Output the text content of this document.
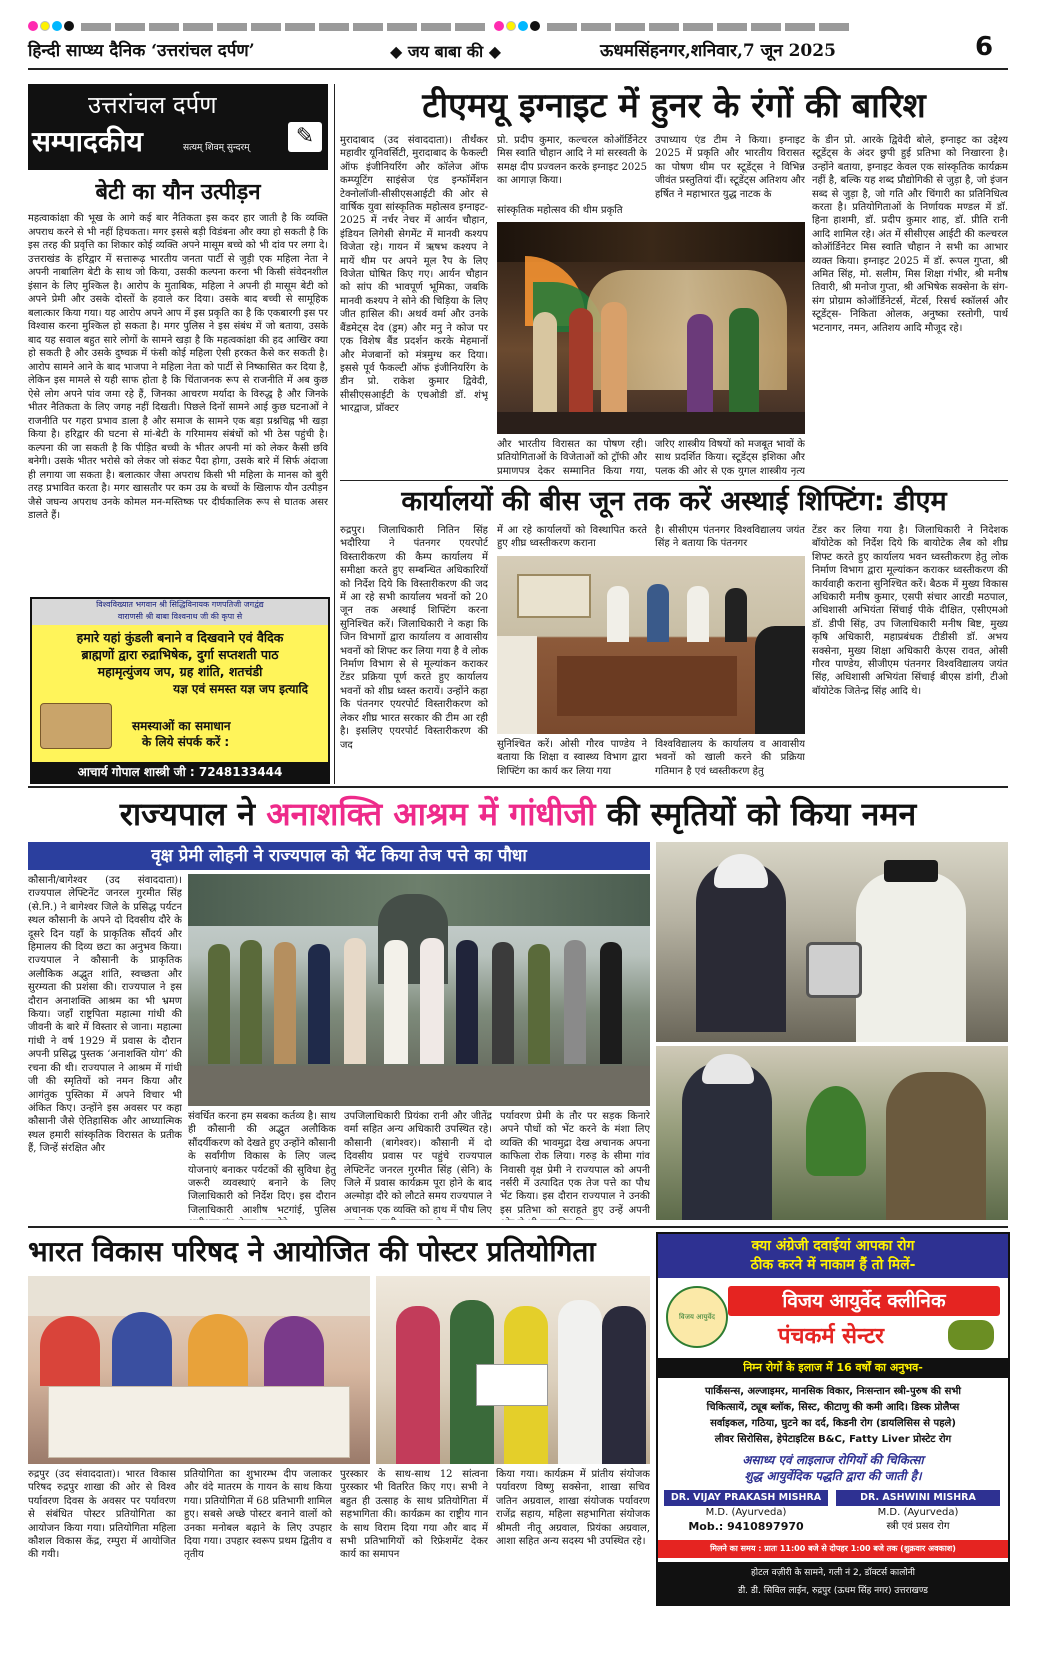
हिन्दी साप्ध्य दैनिक ‘उत्तरांचल दर्पण’	◆ जय बाबा की ◆	ऊधमसिंहनगर,शनिवार,7 जून 2025	6
उत्तरांचल दर्पण
सम्पादकीय	सत्यम् शिवम् सुन्दरम्	✎
बेटी का यौन उत्पीड़न
महत्वाकांक्षा की भूख के आगे कई बार नैतिकता इस कदर हार जाती है कि व्यक्ति अपराध करने से भी नहीं हिचकता। मगर इससे बड़ी विडंबना और क्या हो सकती है कि इस तरह की प्रवृत्ति का शिकार कोई व्यक्ति अपने मासूम बच्चे को भी दांव पर लगा दे। उत्तराखंड के हरिद्वार में सत्तारूढ़ भारतीय जनता पार्टी से जुड़ी एक महिला नेता ने अपनी नाबालिग बेटी के साथ जो किया, उसकी कल्पना करना भी किसी संवेदनशील इंसान के लिए मुश्किल है। आरोप के मुताबिक, महिला ने अपनी ही मासूम बेटी को अपने प्रेमी और उसके दोस्तों के हवाले कर दिया। उसके बाद बच्ची से सामूहिक बलात्कार किया गया। यह आरोप अपने आप में इस प्रकृति का है कि एकबारगी इस पर विश्वास करना मुश्किल हो सकता है। मगर पुलिस ने इस संबंध में जो बताया, उसके बाद यह सवाल बहुत सारे लोगों के सामने खड़ा है कि महत्वकांक्षा की हद आखिर क्या हो सकती है और उसके दुष्चक्र में फंसी कोई महिला ऐसी हरकत कैसे कर सकती है। आरोप सामने आने के बाद भाजपा ने महिला नेता को पार्टी से निष्कासित कर दिया है, लेकिन इस मामले से यही साफ होता है कि चिंताजनक रूप से राजनीति में अब कुछ ऐसे लोग अपने पांव जमा रहे हैं, जिनका आचरण मर्यादा के विरुद्ध है और जिनके भीतर नैतिकता के लिए जगह नहीं दिखती। पिछले दिनों सामने आई कुछ घटनाओं ने राजनीति पर गहरा प्रभाव डाला है और समाज के सामने एक बड़ा प्रश्नचिह्न भी खड़ा किया है। हरिद्वार की घटना से मां-बेटी के गरिमामय संबंधों को भी ठेस पहुंची है। कल्पना की जा सकती है कि पीड़ित बच्ची के भीतर अपनी मां को लेकर कैसी छवि बनेगी। उसके भीतर भरोसे को लेकर जो संकट पैदा होगा, उसके बारे में सिर्फ अंदाजा ही लगाया जा सकता है। बलात्कार जैसा अपराध किसी भी महिला के मानस को बुरी तरह प्रभावित करता है। मगर खासतौर पर कम उम्र के बच्चों के खिलाफ यौन उत्पीड़न जैसे जघन्य अपराध उनके कोमल मन-मस्तिष्क पर दीर्घकालिक रूप से घातक असर डालते हैं।
विश्वविख्यात भगवान श्री सिद्धिविनायक गणपतिजी जगद्वंद्य
वाराणसी श्री बाबा विश्वनाथ जी की कृपा से
हमारे यहां कुंडली बनाने व दिखवाने एवं वैदिक
ब्राह्मणों द्वारा रुद्राभिषेक, दुर्गा सप्तशती पाठ
महामृत्युंजय जप, ग्रह शांति, शतचंडी
यज्ञ एवं समस्त यज्ञ जप इत्यादि
समस्याओं का समाधान
के लिये संपर्क करें :
आचार्य गोपाल शास्त्री जी : 7248133444
टीएमयू इग्नाइट में हुनर के रंगों की बारिश
मुरादाबाद (उद संवाददाता)। तीर्थंकर महावीर यूनिवर्सिटी, मुरादाबाद के फैकल्टी ऑफ इंजीनियरिंग और कॉलेज ऑफ कम्प्यूटिंग साइंसेज एंड इन्फॉर्मेशन टेक्नोलॉजी-सीसीएसआईटी की ओर से वार्षिक युवा सांस्कृतिक महोत्सव इग्नाइट- 2025 में नर्चर नेचर में आर्यन चौहान, इंडियन लिगेसी सेगमेंट में मानवी कश्यप विजेता रहे। गायन में ऋषभ कश्यप ने मायें थीम पर अपने मूल रैप के लिए विजेता घोषित किए गए। आर्यन चौहान को सांप की भावपूर्ण भूमिका, जबकि मानवी कश्यप ने सोने की चिड़िया के लिए जीत हासिल की। अथर्व वर्मा और उनके बैंडमेट्स देव (ड्रम) और मनु ने कोज पर एक विशेष बैंड प्रदर्शन करके मेहमानों और मेजबानों को मंत्रमुग्ध कर दिया। इससे पूर्व फैकल्टी ऑफ इंजीनियरिंग के डीन प्रो. राकेश कुमार द्विवेदी, सीसीएसआईटी के एचओडी डॉ. शंभू भारद्वाज, प्रॉक्टर
प्रो. प्रदीप कुमार, कल्चरल कोऑर्डिनेटर मिस स्वाति चौहान आदि ने मां सरस्वती के समक्ष दीप प्रज्वलन करके इग्नाइट 2025 का आगाज़ किया।
सांस्कृतिक महोत्सव की थीम प्रकृति
उपाध्याय एंड टीम ने किया। इग्नाइट 2025 में प्रकृति और भारतीय विरासत का पोषण थीम पर स्टूडेंट्स ने विभिन्न जीवंत प्रस्तुतियां दीं। स्टूडेंट्स अतिशय और हर्षित ने महाभारत युद्ध नाटक के
के डीन प्रो. आरके द्विवेदी बोले, इग्नाइट का उद्देश्य स्टूडेंट्स के अंदर छुपी हुई प्रतिभा को निखारना है। उन्होंने बताया, इग्नाइट केवल एक सांस्कृतिक कार्यक्रम नहीं है, बल्कि यह शब्द प्रौद्योगिकी से जुड़ा है, जो इंजन सब्द से जुड़ा है, जो गति और चिंगारी का प्रतिनिधित्व करता है। प्रतियोगिताओं के निर्णायक मण्डल में डॉ. हिना हाशमी, डॉ. प्रदीप कुमार शाह, डॉ. प्रीति रानी आदि शामिल रहे। अंत में सीसीएस आईटी की कल्चरल कोऑर्डिनेटर मिस स्वाति चौहान ने सभी का आभार व्यक्त किया। इग्नाइट 2025 में डॉ. रूपल गुप्ता, श्री अमित सिंह, मो. सलीम, मिस शिक्षा गंभीर, श्री मनीष तिवारी, श्री मनोज गुप्ता, श्री अभिषेक सक्सेना के संग-संग प्रोग्राम कोऑर्डिनेटर्स, मेंटर्स, रिसर्च स्कॉलर्स और स्टूडेंट्स- निकिता ओलक, अनुष्का रस्तोगी, पार्थ भटनागर, नमन, अतिशय आदि मौजूद रहे।
और भारतीय विरासत का पोषण रही। प्रतियोगिताओं के विजेताओं को ट्रॉफी और प्रमाणपत्र देकर सम्मानित किया गया,
जरिए शास्त्रीय विषयों को मजबूत भावों के साथ प्रदर्शित किया। स्टूडेंट्स इशिका और पलक की ओर से एक युगल शास्त्रीय नृत्य
कार्यालयों की बीस जून तक करें अस्थाई शिफ्टिंग: डीएम
रुद्रपुर। जिलाधिकारी नितिन सिंह भदौरिया ने पंतनगर एयरपोर्ट विस्तारीकरण की कैम्प कार्यालय में समीक्षा करते हुए सम्बन्धित अधिकारियों को निर्देश दिये कि विस्तारीकरण की जद में आ रहे सभी कार्यालय भवनों को 20 जून तक अस्थाई शिफ्टिंग करना सुनिश्चित करें। जिलाधिकारी ने कहा कि जिन विभागों द्वारा कार्यालय व आवासीय भवनों को शिफ्ट कर लिया गया है वे लोक निर्माण विभाग से से मूल्यांकन कराकर टेंडर प्रक्रिया पूर्ण करते हुए कार्यालय भवनों को शीघ्र ध्वस्त करायें। उन्होंने कहा कि पंतनगर एयरपोर्ट विस्तारीकरण को लेकर शीघ्र भारत सरकार की टीम आ रही है। इसलिए एयरपोर्ट विस्तारीकरण की जद
में आ रहे कार्यालयों को विस्थापित करते हुए शीघ्र ध्वस्तीकरण कराना
है। सीसीएम पंतनगर विश्वविद्यालय जयंत सिंह ने बताया कि पंतनगर
टेंडर कर लिया गया है। जिलाधिकारी ने निदेशक बॉयोटेक को निर्देश दिये कि बायोटेक लैब को शीघ्र शिफ्ट करते हुए कार्यालय भवन ध्वस्तीकरण हेतु लोक निर्माण विभाग द्वारा मूल्यांकन कराकर ध्वस्तीकरण की कार्यवाही कराना सुनिश्चित करें। बैठक में मुख्य विकास अधिकारी मनीष कुमार, एसपी संचार आरडी मठपाल, अधिशासी अभियंता सिंचाई पीके दीक्षित, एसीएमओ डॉ. डीपी सिंह, उप जिलाधिकारी मनीष बिष्ट, मुख्य कृषि अधिकारी, महाप्रबंधक टीडीसी डॉ. अभय सक्सेना, मुख्य शिक्षा अधिकारी केएस रावत, ओसी गौरव पाण्डेय, सीजीएम पंतनगर विश्वविद्यालय जयंत सिंह, अधिशासी अभियंता सिंचाई बीएस डांगी, टीओ बॉयोटेक जितेन्द्र सिंह आदि थे।
सुनिश्चित करें। ओसी गौरव पाण्डेय ने बताया कि शिक्षा व स्वास्थ्य विभाग द्वारा शिफ्टिंग का कार्य कर लिया गया
विश्वविद्यालय के कार्यालय व आवासीय भवनों को खाली करने की प्रक्रिया गतिमान है एवं ध्वस्तीकरण हेतु
राज्यपाल ने अनाशक्ति आश्रम में गांधीजी की स्मृतियों को किया नमन
वृक्ष प्रेमी लोहनी ने राज्यपाल को भेंट किया तेज पत्ते का पौधा
कौसानी/बागेश्वर (उद संवाददाता)। राज्यपाल लेफ्टिनेंट जनरल गुरमीत सिंह (से.नि.) ने बागेश्वर जिले के प्रसिद्ध पर्यटन स्थल कौसानी के अपने दो दिवसीय दौरे के दूसरे दिन यहाँ के प्राकृतिक सौंदर्य और हिमालय की दिव्य छटा का अनुभव किया। राज्यपाल ने कौसानी के प्राकृतिक अलौकिक अद्भुत शांति, स्वच्छता और सुरम्यता की प्रशंसा की। राज्यपाल ने इस दौरान अनाशक्ति आश्रम का भी भ्रमण किया। जहाँ राष्ट्रपिता महात्मा गांधी की जीवनी के बारे में विस्तार से जाना। महात्मा गांधी ने वर्ष 1929 में प्रवास के दौरान अपनी प्रसिद्ध पुस्तक ‘अनाशक्ति योग’ की रचना की थी। राज्यपाल ने आश्रम में गांधी जी की स्मृतियों को नमन किया और आगंतुक पुस्तिका में अपने विचार भी अंकित किए। उन्होंने इस अवसर पर कहा कौसानी जैसे ऐतिहासिक और आध्यात्मिक स्थल हमारी सांस्कृतिक विरासत के प्रतीक हैं, जिन्हें संरक्षित और
संवर्धित करना हम सबका कर्तव्य है। साथ ही कौसानी की अद्भुत अलौकिक सौंदर्यीकरण को देखते हुए उन्होंने कौसानी के सर्वांगीण विकास के लिए जल्द योजनाएं बनाकर पर्यटकों की सुविधा हेतु जरूरी व्यवस्थाएं बनाने के लिए जिलाधिकारी को निर्देश दिए। इस दौरान जिलाधिकारी आशीष भटगांई, पुलिस
उपजिलाधिकारी प्रियंका रानी और जीतेंद्र वर्मा सहित अन्य अधिकारी उपस्थित रहे। कौसानी (बागेश्वर)। कौसानी में दो दिवसीय प्रवास पर पहुंचे राज्यपाल लेफ्टिनेंट जनरल गुरमीत सिंह (सेनि) के जिले में प्रवास कार्यक्रम पूरा होने के बाद अल्मोड़ा दौरे को लौटते समय राज्यपाल ने अचानक एक व्यक्ति को हाथ में पौध लिए
पर्यावरण प्रेमी के तौर पर सड़क किनारे अपने पौधों को भेंट करने के मंशा लिए व्यक्ति की भावमुद्रा देख अचानक अपना काफिला रोक लिया। गरुड़ के सीमा गांव निवासी वृक्ष प्रेमी ने राज्यपाल को अपनी नर्सरी में उत्पादित एक तेज पत्ते का पौध भेंट किया। इस दौरान राज्यपाल ने उनकी इस प्रतिभा को सराहते हुए उन्हें अपनी
भारत विकास परिषद ने आयोजित की पोस्टर प्रतियोगिता
रुद्रपुर (उद संवाददाता)। भारत विकास परिषद रुद्रपुर शाखा की ओर से विश्व पर्यावरण दिवस के अवसर पर पर्यावरण से संबंधित पोस्टर प्रतियोगिता का आयोजन किया गया। प्रतियोगिता महिला कौशल विकास केंद्र, रम्पुरा में आयोजित की गयी।
प्रतियोगिता का शुभारम्भ दीप जलाकर और वंदे मातरम के गायन के साथ किया गया। प्रतियोगिता में 68 प्रतिभागी शामिल हुए। सबसे अच्छे पोस्टर बनाने वालों को उनका मनोबल बढ़ाने के लिए उपहार दिया गया। उपहार स्वरूप प्रथम द्वितीय व तृतीय
पुरस्कार के साथ-साथ 12 सांत्वना पुरस्कार भी वितरित किए गए। सभी ने बहुत ही उत्साह के साथ प्रतियोगिता में सहभागिता की। कार्यक्रम का राष्ट्रीय गान के साथ विराम दिया गया और बाद में सभी प्रतिभागियों को रिफ्रेशमेंट देकर कार्य का समापन
किया गया। कार्यक्रम में प्रांतीय संयोजक पर्यावरण विष्णु सक्सेना, शाखा सचिव जतिन अग्रवाल, शाखा संयोजक पर्यावरण राजेंद्र सहाय, महिला सहभागिता संयोजक श्रीमती नीतू अग्रवाल, प्रियंका अग्रवाल, आशा सहित अन्य सदस्य भी उपस्थित रहे।
क्या अंग्रेजी दवाईयां आपका रोग
ठीक करने में नाकाम हैं तो मिलें-
विजय आयुर्वेद
विजय आयुर्वेद क्लीनिक
पंचकर्म सेन्टर
निम्न रोगों के इलाज में 16 वर्षों का अनुभव-
पार्किंसन्स, अल्जाइमर, मानसिक विकार, निःसन्तान स्त्री-पुरुष की सभी
चिकित्सायें, ट्यूब ब्लॉक, सिस्ट, कीटाणु की कमी आदि। डिस्क प्रोलैप्स
सर्वाइकल, गठिया, घुटने का दर्द, किडनी रोग (डायलिसिस से पहले)
लीवर सिरोसिस, हेपेटाइटिस B&C, Fatty Liver प्रोस्टेट रोग
असाध्य एवं लाइलाज रोगियों की चिकित्सा
शुद्ध आयुर्वेदिक पद्धति द्वारा की जाती है।
DR. VIJAY PRAKASH MISHRA
M.D. (Ayurveda)
Mob.: 9410897970
DR. ASHWINI MISHRA
M.D. (Ayurveda)
स्त्री एवं प्रसव रोग
मिलने का समय : प्रातः 11:00 बजे से दोपहर 1:00 बजे तक (शुक्रवार अवकाश)
होटल वज़ीरी के सामने, गली नं 2, डॉक्टर्स कालोनी
डी. डी. सिविल लाईन, रुद्रपुर (ऊधम सिंह नगर) उत्तराखण्ड
